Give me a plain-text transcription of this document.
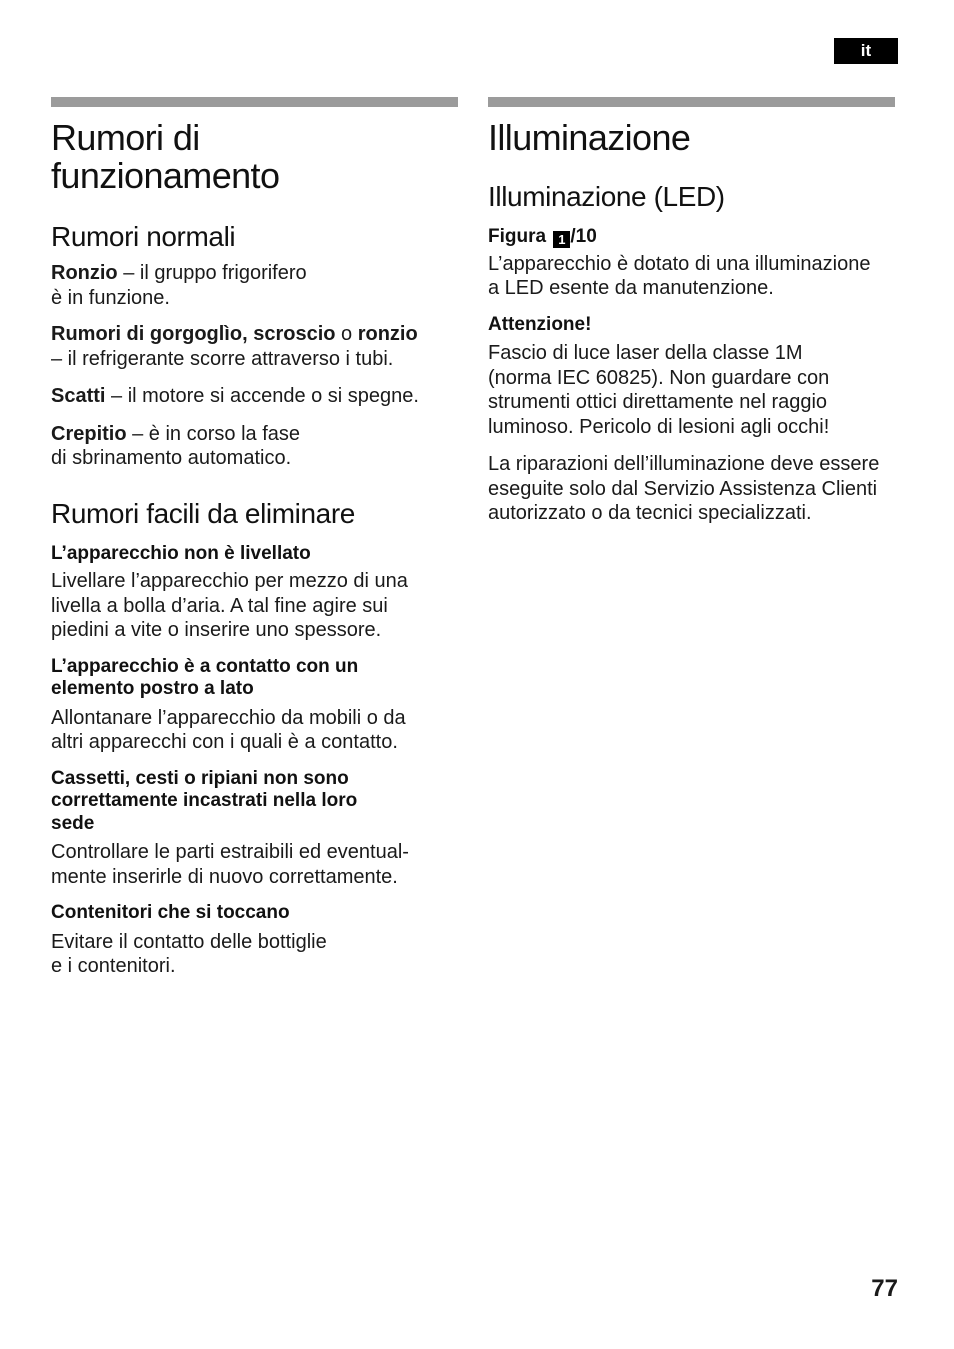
it
Rumori di
funzionamento
Rumori normali

Ronzio – il gruppo frigorifero
è in funzione.

Rumori di gorgoglìo, scroscio o ronzio
– il refrigerante scorre attraverso i tubi.

Scatti – il motore si accende o si spegne.

Crepitio – è in corso la fase
di sbrinamento automatico.

Rumori facili da eliminare
L’apparecchio non è livellato

Livellare l’apparecchio per mezzo di una
livella a bolla d’aria. A tal fine agire sui
piedini a vite o inserire uno spessore.

L’apparecchio è a contatto con un
elemento postro a lato

Allontanare l’apparecchio da mobili o da
altri apparecchi con i quali è a contatto.

Cassetti, cesti o ripiani non sono
correttamente incastrati nella loro
sede

Controllare le parti estraibili ed eventual-
mente inserirle di nuovo correttamente.

Contenitori che si toccano

Evitare il contatto delle bottiglie
e i contenitori.

Illuminazione
Illuminazione (LED)
Figura 1 /10

L’apparecchio è dotato di una illuminazione
a LED esente da manutenzione.

Attenzione!

Fascio di luce laser della classe 1M
(norma IEC 60825). Non guardare con
strumenti ottici direttamente nel raggio
luminoso. Pericolo di lesioni agli occhi!

La riparazioni dell’illuminazione deve essere
eseguite solo dal Servizio Assistenza Clienti
autorizzato o da tecnici specializzati.

77
